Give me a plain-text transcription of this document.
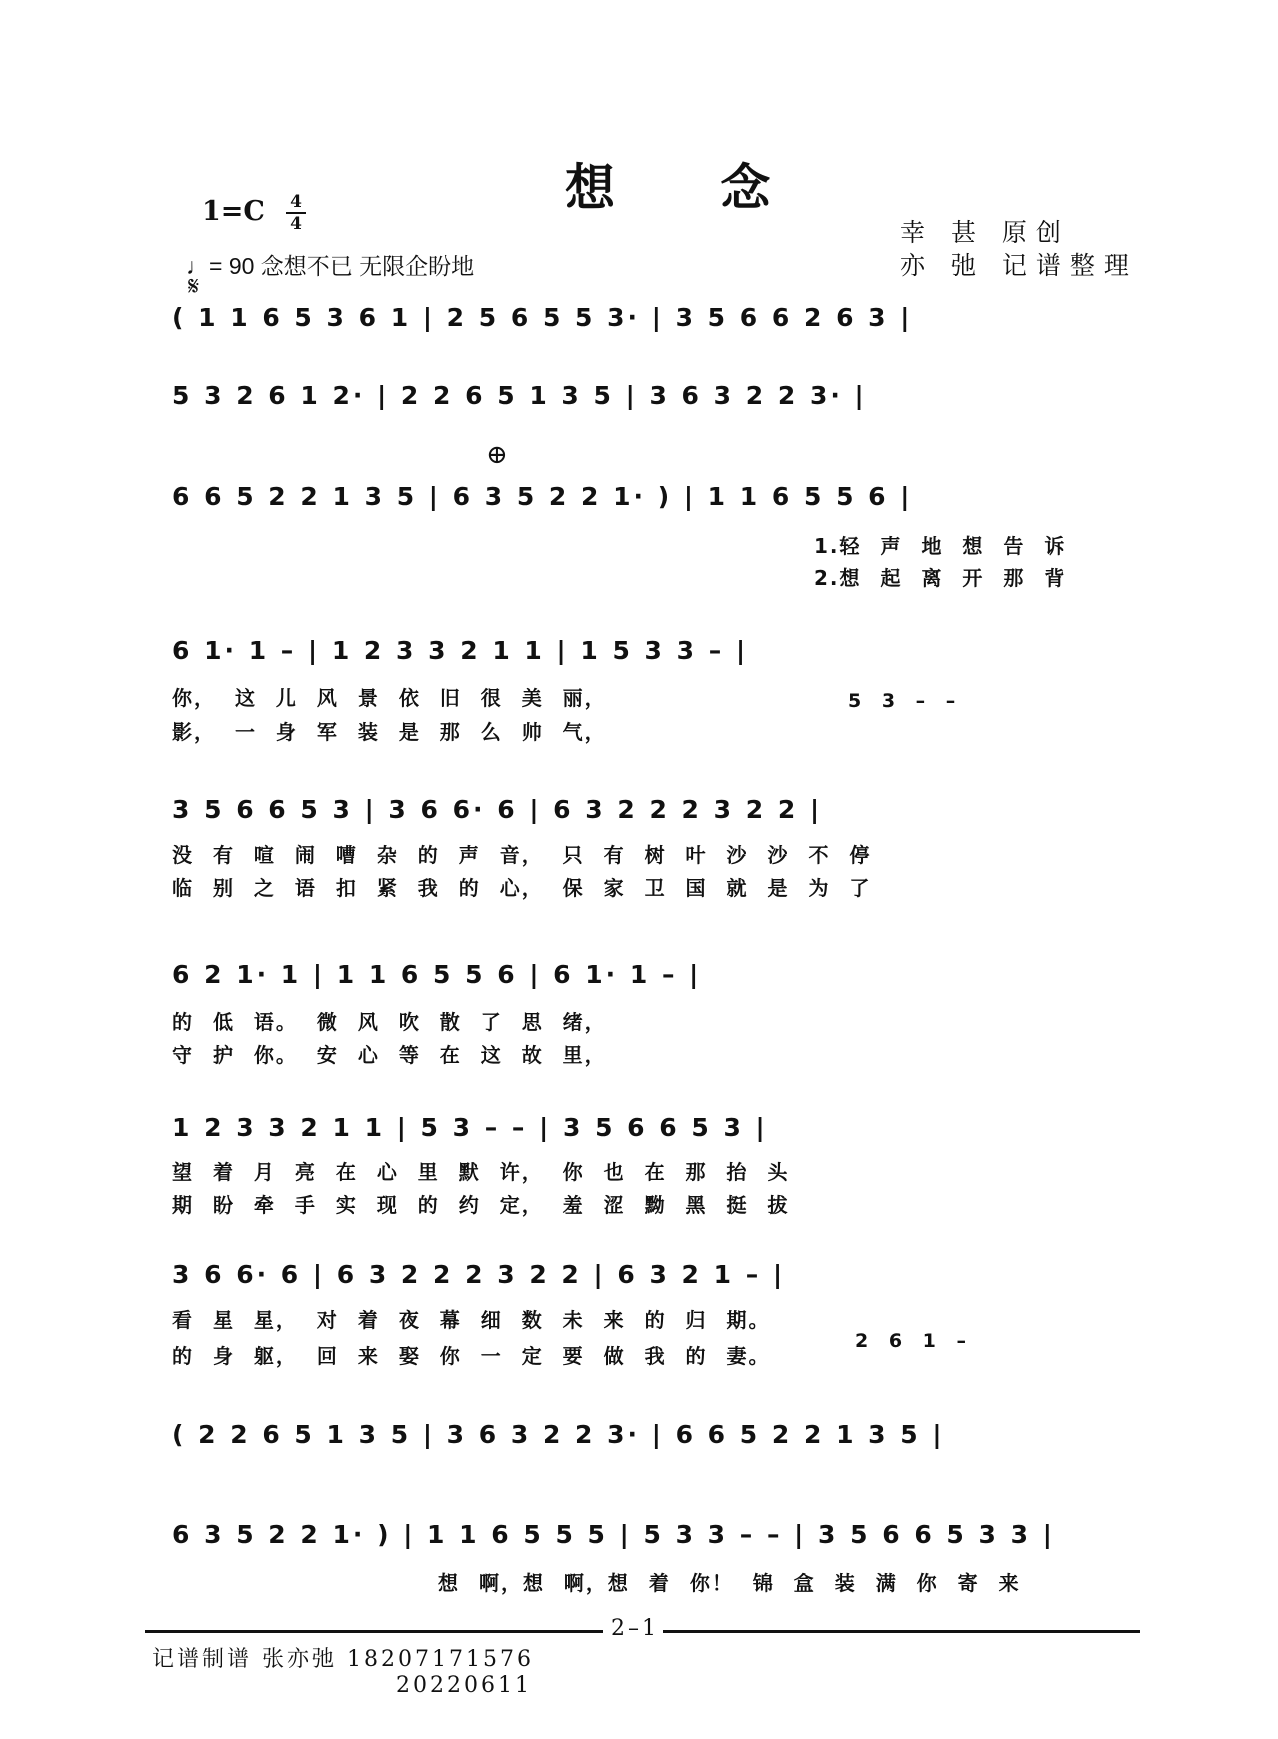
想 念
1=C 4
4
♩= 90 念想不已 无限企盼地
幸 甚 原创
亦 弛 记谱整理
𝄋
⊕
( 1 1 6 5 3 6 1 | 2 5 6 5 5 3· | 3 5 6 6 2 6 3 |
5 3 2 6 1 2· | 2 2 6 5 1 3 5 | 3 6 3 2 2 3· |
6 6 5 2 2 1 3 5 | 6 3 5 2 2 1· ) | 1 1 6 5 5 6 |
1.轻 声 地 想 告 诉
2.想 起 离 开 那 背
6 1· 1 – | 1 2 3 3 2 1 1 | 1 5 3 3 – |
5 3 – –
你， 这 儿 风 景 依 旧 很 美 丽，
影， 一 身 军 装 是 那 么 帅 气，
3 5 6 6 5 3 | 3 6 6· 6 | 6 3 2 2 2 3 2 2 |
没 有 喧 闹 嘈 杂 的 声 音， 只 有 树 叶 沙 沙 不 停
临 别 之 语 扣 紧 我 的 心， 保 家 卫 国 就 是 为 了
6 2 1· 1 | 1 1 6 5 5 6 | 6 1· 1 – |
的 低 语。 微 风 吹 散 了 思 绪，
守 护 你。 安 心 等 在 这 故 里，
1 2 3 3 2 1 1 | 5 3 – – | 3 5 6 6 5 3 |
望 着 月 亮 在 心 里 默 许， 你 也 在 那 抬 头
期 盼 牵 手 实 现 的 约 定， 羞 涩 黝 黑 挺 拔
3 6 6· 6 | 6 3 2 2 2 3 2 2 | 6 3 2 1 – |
2 6 1 –
看 星 星， 对 着 夜 幕 细 数 未 来 的 归 期。
的 身 躯， 回 来 娶 你 一 定 要 做 我 的 妻。
( 2 2 6 5 1 3 5 | 3 6 3 2 2 3· | 6 6 5 2 2 1 3 5 |
6 3 5 2 2 1· ) | 1 1 6 5 5 5 | 5 3 3 – – | 3 5 6 6 5 3 3 |
想 啊，想 啊，想 着 你！ 锦 盒 装 满 你 寄 来
2–1
记谱制谱 张亦弛 18207171576
20220611
